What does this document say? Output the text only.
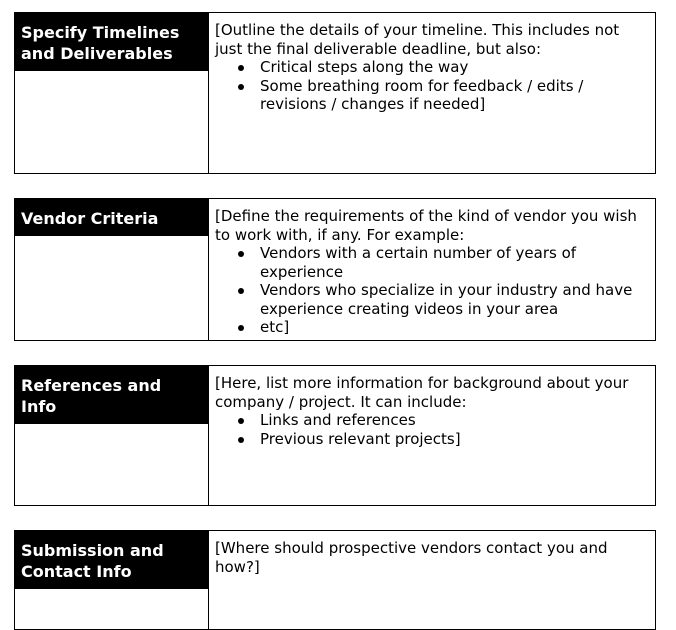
Specify Timelines and Deliverables

[Outline the details of your timeline. This includes not just the final deliverable deadline, but also:

Critical steps along the way
Some breathing room for feedback / edits / revisions / changes if needed]
Vendor Criteria	[Define the requirements of the kind of vendor you wish to work with, if any. For example:

Vendors with a certain number of years of experience
Vendors who specialize in your industry and have experience creating videos in your area
etc]
References and Info

[Here, list more information for background about your company / project. It can include:

Links and references
Previous relevant projects]
Submission and Contact Info

[Where should prospective vendors contact you and how?]
